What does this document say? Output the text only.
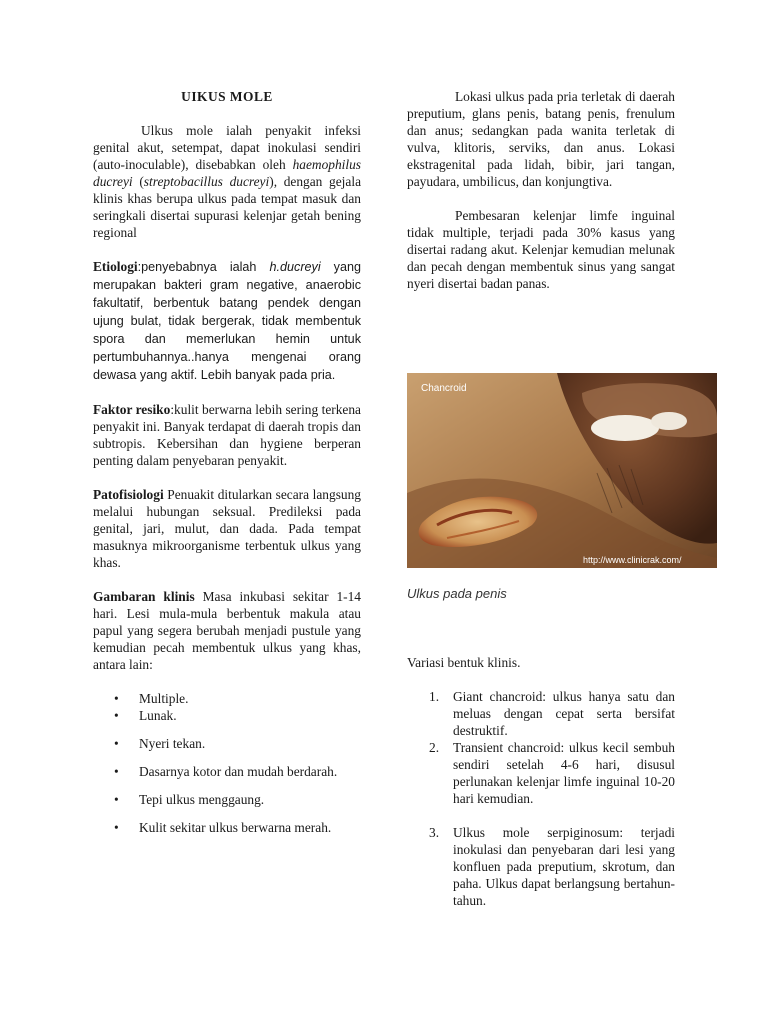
UIKUS MOLE

Ulkus mole ialah penyakit infeksi genital akut, setempat, dapat inokulasi sendiri (auto-inoculable), disebabkan oleh haemophilus ducreyi (streptobacillus ducreyi), dengan gejala klinis khas berupa ulkus pada tempat masuk dan seringkali disertai supurasi kelenjar getah bening regional

Etiologi:penyebabnya ialah h.ducreyi yang merupakan bakteri gram negative, anaerobic fakultatif, berbentuk batang pendek dengan ujung bulat, tidak bergerak, tidak membentuk spora dan memerlukan hemin untuk pertumbuhannya..hanya mengenai orang dewasa yang aktif. Lebih banyak pada pria.

Faktor resiko:kulit berwarna lebih sering terkena penyakit ini. Banyak terdapat di daerah tropis dan subtropis. Kebersihan dan hygiene berperan penting dalam penyebaran penyakit.

Patofisiologi Penuakit ditularkan secara langsung melalui hubungan seksual. Predileksi pada genital, jari, mulut, dan dada. Pada tempat masuknya mikroorganisme terbentuk ulkus yang khas.

Gambaran klinis Masa inkubasi sekitar 1-14 hari. Lesi mula-mula berbentuk makula atau papul yang segera berubah menjadi pustule yang kemudian pecah membentuk ulkus yang khas, antara lain:

• Multiple.
• Lunak.
• Nyeri tekan.
• Dasarnya kotor dan mudah berdarah.
• Tepi ulkus menggaung.
• Kulit sekitar ulkus berwarna merah.

Lokasi ulkus pada pria terletak di daerah preputium, glans penis, batang penis, frenulum dan anus; sedangkan pada wanita terletak di vulva, klitoris, serviks, dan anus. Lokasi ekstragenital pada lidah, bibir, jari tangan, payudara, umbilicus, dan konjungtiva.

Pembesaran kelenjar limfe inguinal tidak multiple, terjadi pada 30% kasus yang disertai radang akut. Kelenjar kemudian melunak dan pecah dengan membentuk sinus yang sangat nyeri disertai badan panas.

Chancroid
http://www.clinicrak.com/
Ulkus pada penis

Variasi bentuk klinis.

1. Giant chancroid: ulkus hanya satu dan meluas dengan cepat serta bersifat destruktif.
2. Transient chancroid: ulkus kecil sembuh sendiri setelah 4-6 hari, disusul perlunakan kelenjar limfe inguinal 10-20 hari kemudian.
3. Ulkus mole serpiginosum: terjadi inokulasi dan penyebaran dari lesi yang konfluen pada preputium, skrotum, dan paha. Ulkus dapat berlangsung bertahun-tahun.
